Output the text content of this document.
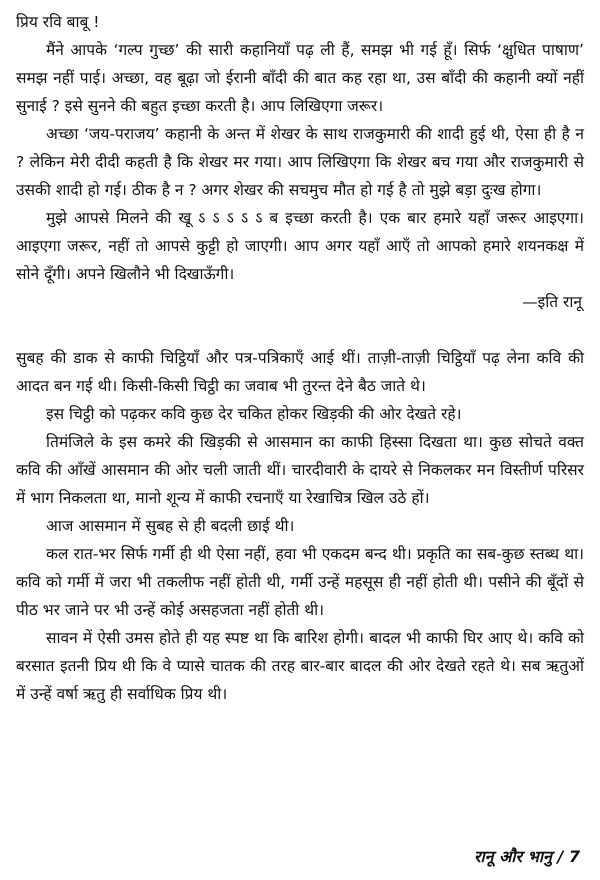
प्रिय रवि बाबू !

मैंने आपके ‘गल्प गुच्छ’ की सारी कहानियाँ पढ़ ली हैं, समझ भी गई हूँ। सिर्फ ‘क्षुधित पाषाण’ समझ नहीं पाई। अच्छा, वह बूढ़ा जो ईरानी बाँदी की बात कह रहा था, उस बाँदी की कहानी क्यों नहीं सुनाई ? इसे सुनने की बहुत इच्छा करती है। आप लिखिएगा जरूर।

अच्छा ‘जय-पराजय’ कहानी के अन्त में शेखर के साथ राजकुमारी की शादी हुई थी, ऐसा ही है न ? लेकिन मेरी दीदी कहती है कि शेखर मर गया। आप लिखिएगा कि शेखर बच गया और राजकुमारी से उसकी शादी हो गई। ठीक है न ? अगर शेखर की सचमुच मौत हो गई है तो मुझे बड़ा दुःख होगा।

मुझे आपसे मिलने की खू ऽ ऽ ऽ ऽ ऽ ब इच्छा करती है। एक बार हमारे यहाँ जरूर आइएगा। आइएगा जरूर, नहीं तो आपसे कुट्टी हो जाएगी। आप अगर यहाँ आएँ तो आपको हमारे शयनकक्ष में सोने दूँगी। अपने खिलौने भी दिखाऊँगी।

—इति रानू

सुबह की डाक से काफी चिट्ठियाँ और पत्र-पत्रिकाएँ आई थीं। ताज़ी-ताज़ी चिट्ठियाँ पढ़ लेना कवि की आदत बन गई थी। किसी-किसी चिट्ठी का जवाब भी तुरन्त देने बैठ जाते थे।

इस चिट्ठी को पढ़कर कवि कुछ देर चकित होकर खिड़की की ओर देखते रहे।

तिमंजिले के इस कमरे की खिड़की से आसमान का काफी हिस्सा दिखता था। कुछ सोचते वक्त कवि की आँखें आसमान की ओर चली जाती थीं। चारदीवारी के दायरे से निकलकर मन विस्तीर्ण परिसर में भाग निकलता था, मानो शून्य में काफी रचनाएँ या रेखाचित्र खिल उठे हों।

आज आसमान में सुबह से ही बदली छाई थी।

कल रात-भर सिर्फ गर्मी ही थी ऐसा नहीं, हवा भी एकदम बन्द थी। प्रकृति का सब-कुछ स्तब्ध था। कवि को गर्मी में जरा भी तकलीफ नहीं होती थी, गर्मी उन्हें महसूस ही नहीं होती थी। पसीने की बूँदों से पीठ भर जाने पर भी उन्हें कोई असहजता नहीं होती थी।

सावन में ऐसी उमस होते ही यह स्पष्ट था कि बारिश होगी। बादल भी काफी घिर आए थे। कवि को बरसात इतनी प्रिय थी कि वे प्यासे चातक की तरह बार-बार बादल की ओर देखते रहते थे। सब ऋतुओं में उन्हें वर्षा ऋतु ही सर्वाधिक प्रिय थी।

रानू और भानु / 7
